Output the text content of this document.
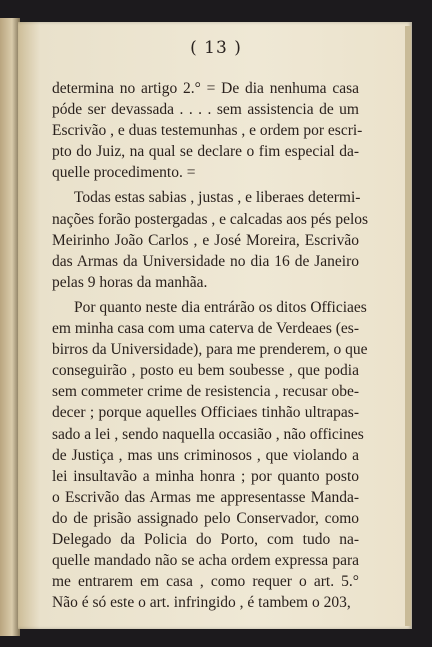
( 13 )
determina no artigo 2.° = De dia nenhuma casa
póde ser devassada . . . . sem assistencia de um
Escrivão , e duas testemunhas , e ordem por escri-
pto do Juiz, na qual se declare o fim especial da-
quelle procedimento. =
Todas estas sabias , justas , e liberaes determi-
nações forão postergadas , e calcadas aos pés pelos
Meirinho João Carlos , e José Moreira, Escrivão
das Armas da Universidade no dia 16 de Janeiro
pelas 9 horas da manhãa.
Por quanto neste dia entrárão os ditos Officiaes
em minha casa com uma caterva de Verdeaes (es-
birros da Universidade), para me prenderem, o que
conseguirão , posto eu bem soubesse , que podia
sem commeter crime de resistencia , recusar obe-
decer ; porque aquelles Officiaes tinhão ultrapas-
sado a lei , sendo naquella occasião , não officines
de Justiça , mas uns criminosos , que violando a
lei insultavão a minha honra ; por quanto posto
o Escrivão das Armas me appresentasse Manda-
do de prisão assignado pelo Conservador, como
Delegado da Policia do Porto, com tudo na-
quelle mandado não se acha ordem expressa para
me entrarem em casa , como requer o art. 5.°
Não é só este o art. infringido , é tambem o 203,
